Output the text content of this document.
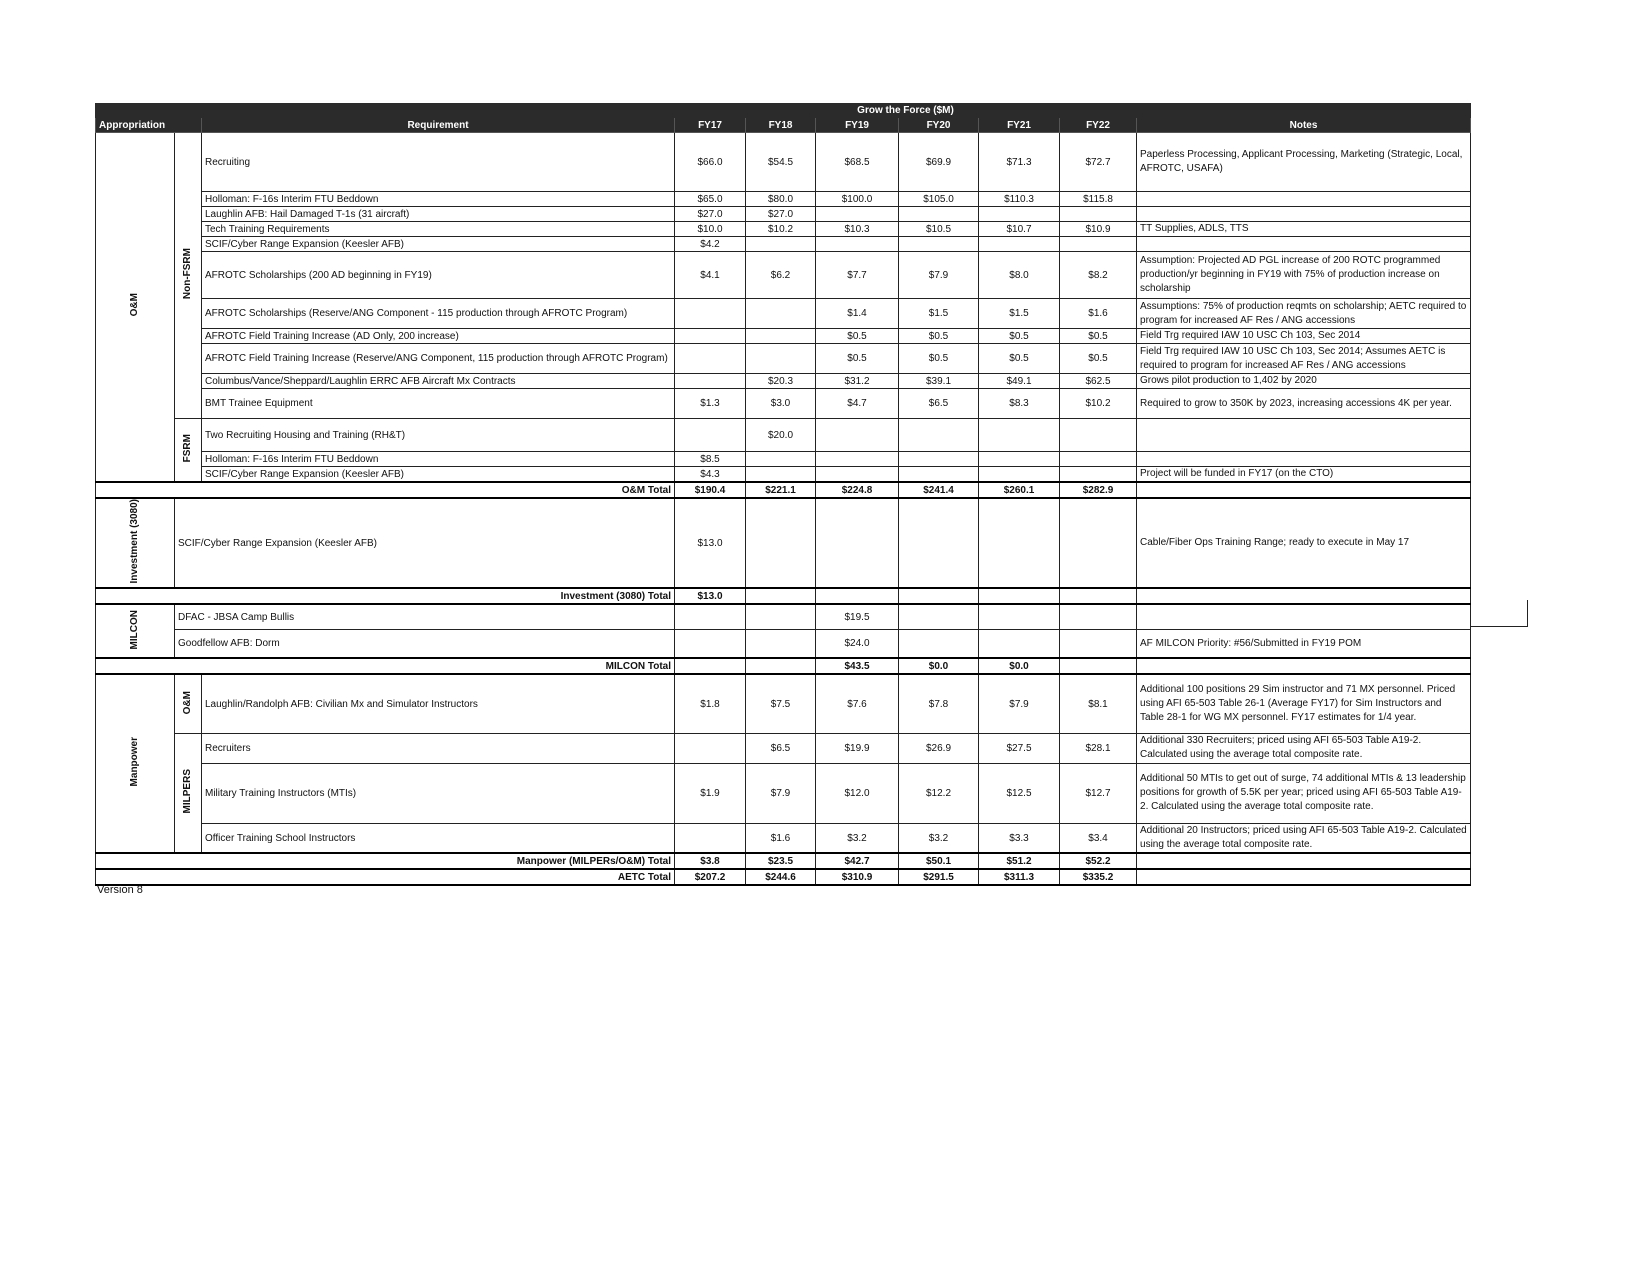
			Grow the Force ($M)						
Appropriation		Requirement	FY17	FY18	FY19	FY20	FY21	FY22	Notes
O&M	Non-FSRM	Recruiting	$66.0	$54.5	$68.5	$69.9	$71.3	$72.7	Paperless Processing, Applicant Processing, Marketing (Strategic, Local, AFROTC, USAFA)
		Holloman: F-16s Interim FTU Beddown	$65.0	$80.0	$100.0	$105.0	$110.3	$115.8	
		Laughlin AFB: Hail Damaged T-1s (31 aircraft)	$27.0	$27.0					
		Tech Training Requirements	$10.0	$10.2	$10.3	$10.5	$10.7	$10.9	TT Supplies, ADLS, TTS
		SCIF/Cyber Range Expansion (Keesler AFB)	$4.2						
		AFROTC Scholarships (200 AD beginning in FY19)	$4.1	$6.2	$7.7	$7.9	$8.0	$8.2	Assumption: Projected AD PGL increase of 200 ROTC programmed production/yr beginning in FY19 with 75% of production increase on scholarship
		AFROTC Scholarships (Reserve/ANG Component - 115 production through AFROTC Program)			$1.4	$1.5	$1.5	$1.6	Assumptions: 75% of production reqmts on scholarship; AETC required to program for increased AF Res / ANG accessions
		AFROTC Field Training Increase (AD Only, 200 increase)			$0.5	$0.5	$0.5	$0.5	Field Trg required IAW 10 USC Ch 103, Sec 2014
		AFROTC Field Training Increase (Reserve/ANG Component, 115 production through AFROTC Program)			$0.5	$0.5	$0.5	$0.5	Field Trg required IAW 10 USC Ch 103, Sec 2014; Assumes AETC is required to program for increased AF Res / ANG accessions
		Columbus/Vance/Sheppard/Laughlin ERRC AFB Aircraft Mx Contracts		$20.3	$31.2	$39.1	$49.1	$62.5	Grows pilot production to 1,402 by 2020
		BMT Trainee Equipment	$1.3	$3.0	$4.7	$6.5	$8.3	$10.2	Required to grow to 350K by 2023, increasing accessions 4K per year.
	FSRM	Two Recruiting Housing and Training (RH&T)		$20.0					
		Holloman: F-16s Interim FTU Beddown	$8.5						
		SCIF/Cyber Range Expansion (Keesler AFB)	$4.3						Project will be funded in FY17 (on the CTO)
O&M Total			$190.4	$221.1	$224.8	$241.4	$260.1	$282.9	
Investment (3080)	SCIF/Cyber Range Expansion (Keesler AFB)		$13.0						Cable/Fiber Ops Training Range; ready to execute in May 17
Investment (3080) Total			$13.0						
MILCON	DFAC - JBSA Camp Bullis				$19.5				
	Goodfellow AFB: Dorm				$24.0				AF MILCON Priority: #56/Submitted in FY19 POM
MILCON Total					$43.5	$0.0	$0.0		
Manpower	O&M	Laughlin/Randolph AFB: Civilian Mx and Simulator Instructors	$1.8	$7.5	$7.6	$7.8	$7.9	$8.1	Additional 100 positions 29 Sim instructor and 71 MX personnel. Priced using AFI 65-503 Table 26-1 (Average FY17) for Sim Instructors and Table 28-1 for WG MX personnel. FY17 estimates for 1/4 year.
	MILPERS	Recruiters		$6.5	$19.9	$26.9	$27.5	$28.1	Additional 330 Recruiters; priced using AFI 65-503 Table A19-2. Calculated using the average total composite rate.
		Military Training Instructors (MTIs)	$1.9	$7.9	$12.0	$12.2	$12.5	$12.7	Additional 50 MTIs to get out of surge, 74 additional MTIs & 13 leadership positions for growth of 5.5K per year; priced using AFI 65-503 Table A19-2. Calculated using the average total composite rate.
		Officer Training School Instructors		$1.6	$3.2	$3.2	$3.3	$3.4	Additional 20 Instructors; priced using AFI 65-503 Table A19-2. Calculated using the average total composite rate.
Manpower (MILPERs/O&M) Total			$3.8	$23.5	$42.7	$50.1	$51.2	$52.2	
AETC Total			$207.2	$244.6	$310.9	$291.5	$311.3	$335.2	
Version 8
